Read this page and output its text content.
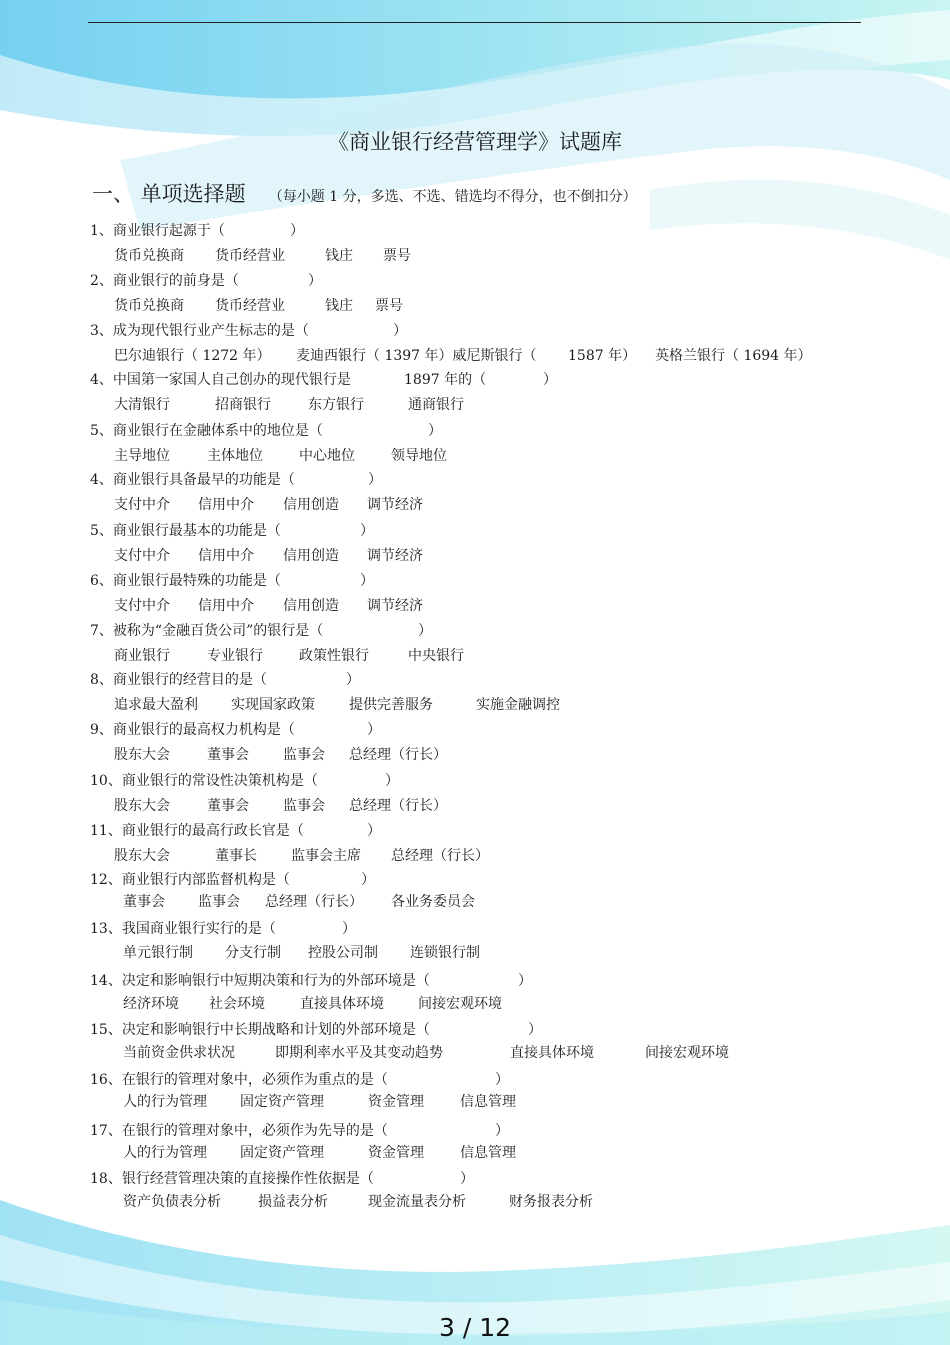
《商业银行经营管理学》试题库
一、 单项选择题 （每小题 1 分，多选、不选、错选均不得分，也不倒扣分）
1、商业银行起源于（	）
货币兑换商 货币经营业	钱庄 票号
2、商业银行的前身是（	）
货币兑换商 货币经营业	钱庄 票号
3、成为现代银行业产生标志的是（	）
巴尔迪银行（ 1272 年） 麦迪西银行（ 1397 年）威尼斯银行（ 1587 年） 英格兰银行（ 1694 年）
4、中国第一家国人自己创办的现代银行是	1897 年的（	）
大清银行	招商银行	东方银行	通商银行
5、商业银行在金融体系中的地位是（	）
主导地位	主体地位	中心地位	领导地位
4、商业银行具备最早的功能是（	）
支付中介 信用中介 信用创造 调节经济
5、商业银行最基本的功能是（	）
支付中介 信用中介 信用创造 调节经济
6、商业银行最特殊的功能是（	）
支付中介 信用中介 信用创造 调节经济
7、被称为“金融百货公司”的银行是（	）
商业银行	专业银行	政策性银行	中央银行
8、商业银行的经营目的是（	）
追求最大盈利 实现国家政策 提供完善服务	实施金融调控
9、商业银行的最高权力机构是（	）
股东大会	董事会 监事会 总经理（行长）
10、商业银行的常设性决策机构是（	）
股东大会	董事会 监事会 总经理（行长）
11、商业银行的最高行政长官是（	）
股东大会	董事长 监事会主席 总经理（行长）
12、商业银行内部监督机构是（	）
董事会 监事会 总经理（行长） 各业务委员会
13、我国商业银行实行的是（	）
单元银行制 分支行制 控股公司制 连锁银行制
14、决定和影响银行中短期决策和行为的外部环境是（	）
经济环境 社会环境	直接具体环境 间接宏观环境
15、决定和影响银行中长期战略和计划的外部环境是（	）
当前资金供求状况	即期利率水平及其变动趋势	直接具体环境	间接宏观环境
16、在银行的管理对象中，必须作为重点的是（	）
人的行为管理 固定资产管理	资金管理	信息管理
17、在银行的管理对象中，必须作为先导的是（	）
人的行为管理 固定资产管理	资金管理	信息管理
18、银行经营管理决策的直接操作性依据是（	）
资产负债表分析	损益表分析	现金流量表分析	财务报表分析
3 / 12
